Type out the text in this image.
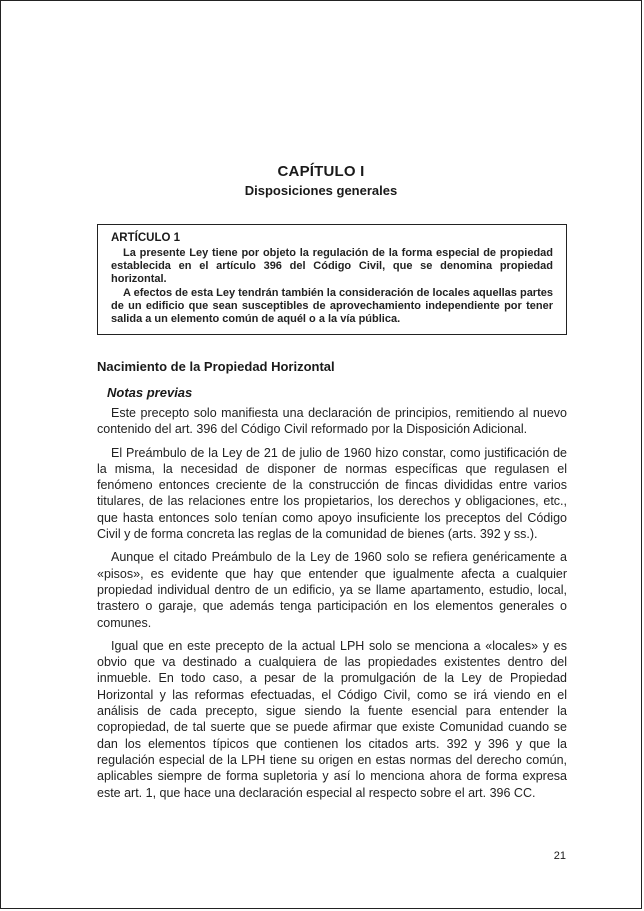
CAPÍTULO I
Disposiciones generales
ARTÍCULO 1

La presente Ley tiene por objeto la regulación de la forma especial de propiedad establecida en el artículo 396 del Código Civil, que se denomina propiedad horizontal.

A efectos de esta Ley tendrán también la consideración de locales aquellas partes de un edificio que sean susceptibles de aprovechamiento independiente por tener salida a un elemento común de aquél o a la vía pública.

Nacimiento de la Propiedad Horizontal
Notas previas

Este precepto solo manifiesta una declaración de principios, remitiendo al nuevo contenido del art. 396 del Código Civil reformado por la Disposición Adicional.

El Preámbulo de la Ley de 21 de julio de 1960 hizo constar, como justificación de la misma, la necesidad de disponer de normas específicas que regulasen el fenómeno entonces creciente de la construcción de fincas divididas entre varios titulares, de las relaciones entre los propietarios, los derechos y obligaciones, etc., que hasta entonces solo tenían como apoyo insuficiente los preceptos del Código Civil y de forma concreta las reglas de la comunidad de bienes (arts. 392 y ss.).

Aunque el citado Preámbulo de la Ley de 1960 solo se refiera genéricamente a «pisos», es evidente que hay que entender que igualmente afecta a cualquier propiedad individual dentro de un edificio, ya se llame apartamento, estudio, local, trastero o garaje, que además tenga participación en los elementos generales o comunes.

Igual que en este precepto de la actual LPH solo se menciona a «locales» y es obvio que va destinado a cualquiera de las propiedades existentes dentro del inmueble. En todo caso, a pesar de la promulgación de la Ley de Propiedad Horizontal y las reformas efectuadas, el Código Civil, como se irá viendo en el análisis de cada precepto, sigue siendo la fuente esencial para entender la copropiedad, de tal suerte que se puede afirmar que existe Comunidad cuando se dan los elementos típicos que contienen los citados arts. 392 y 396 y que la regulación especial de la LPH tiene su origen en estas normas del derecho común, aplicables siempre de forma supletoria y así lo menciona ahora de forma expresa este art. 1, que hace una declaración especial al respecto sobre el art. 396 CC.

21
